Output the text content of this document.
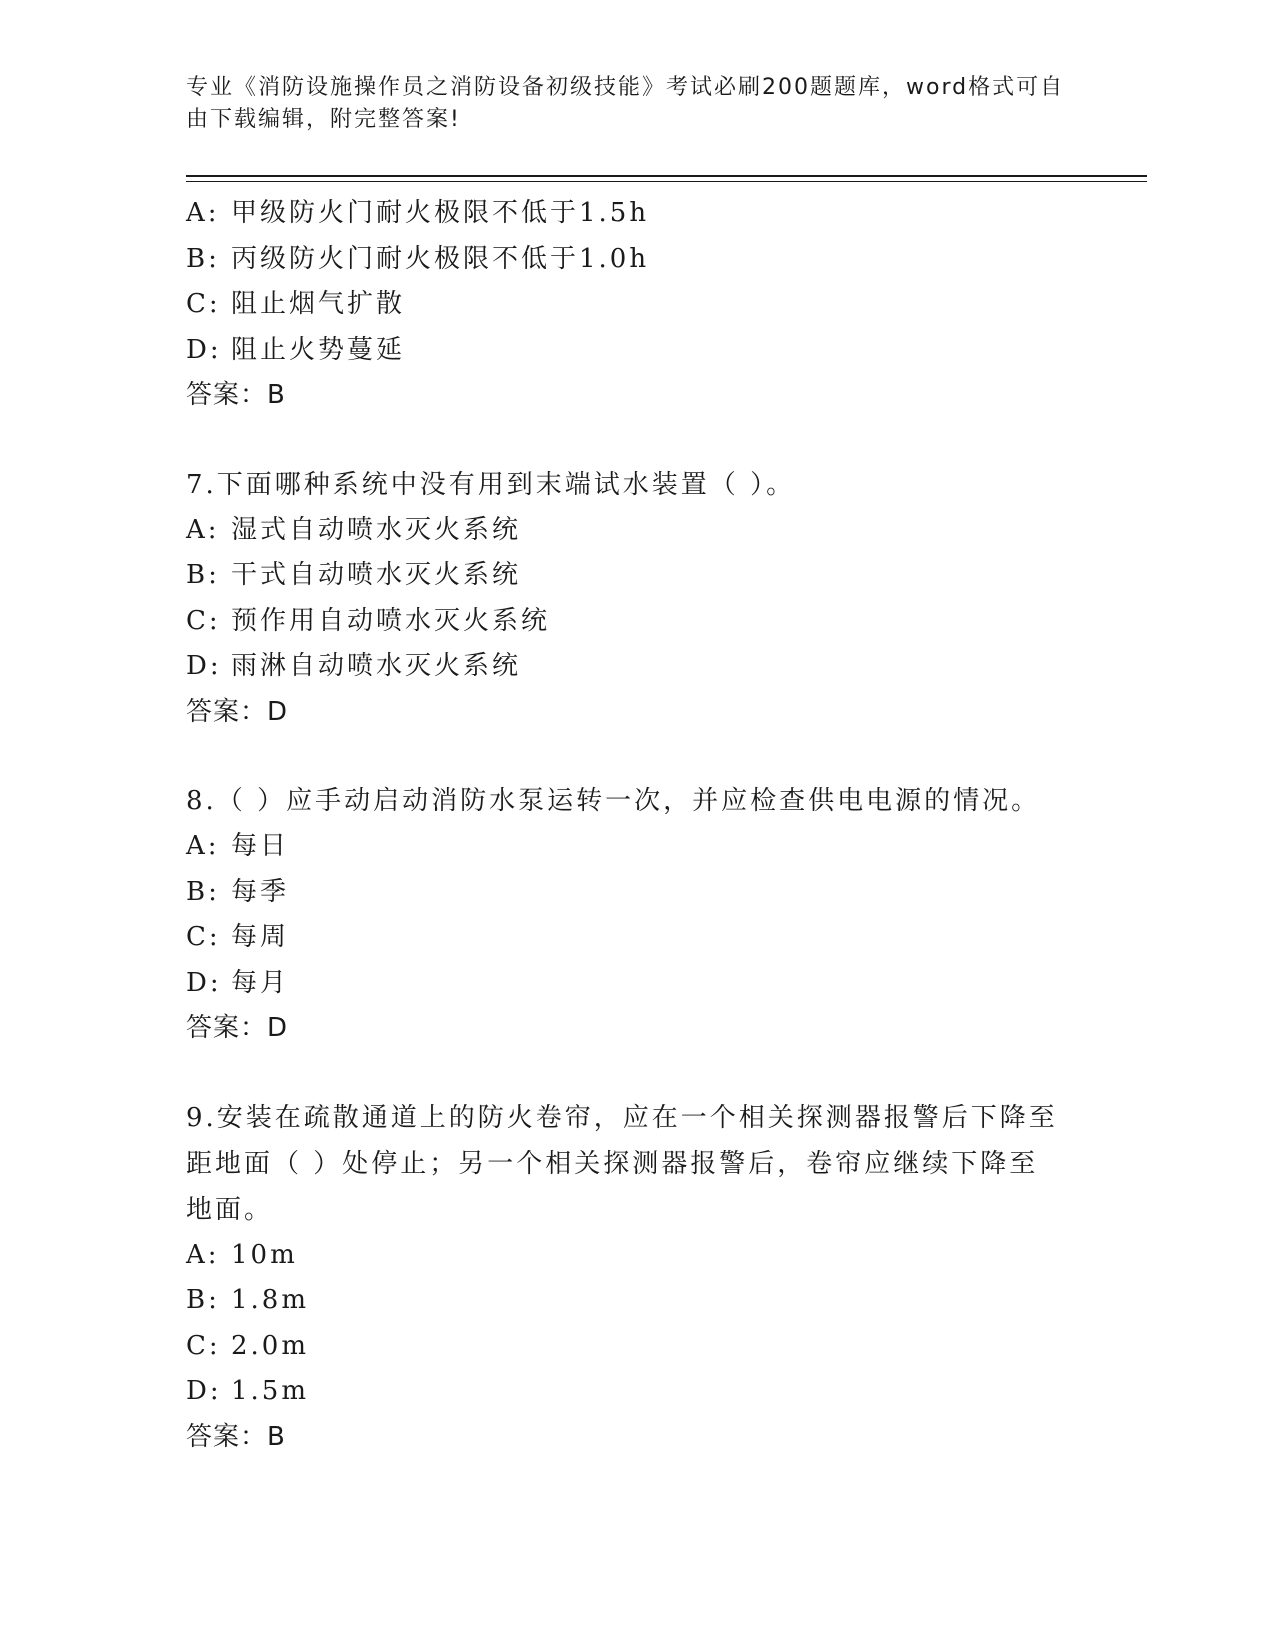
专业《消防设施操作员之消防设备初级技能》考试必刷200题题库，word格式可自由下载编辑，附完整答案!
A: 甲级防火门耐火极限不低于1.5h
B: 丙级防火门耐火极限不低于1.0h
C: 阻止烟气扩散
D: 阻止火势蔓延
答案：B
7.下面哪种系统中没有用到末端试水装置（ ）。
A: 湿式自动喷水灭火系统
B: 干式自动喷水灭火系统
C: 预作用自动喷水灭火系统
D: 雨淋自动喷水灭火系统
答案：D
8.（ ）应手动启动消防水泵运转一次，并应检查供电电源的情况。
A: 每日
B: 每季
C: 每周
D: 每月
答案：D
9.安装在疏散通道上的防火卷帘，应在一个相关探测器报警后下降至距地面（ ）处停止；另一个相关探测器报警后，卷帘应继续下降至地面。
A: 10m
B: 1.8m
C: 2.0m
D: 1.5m
答案：B
